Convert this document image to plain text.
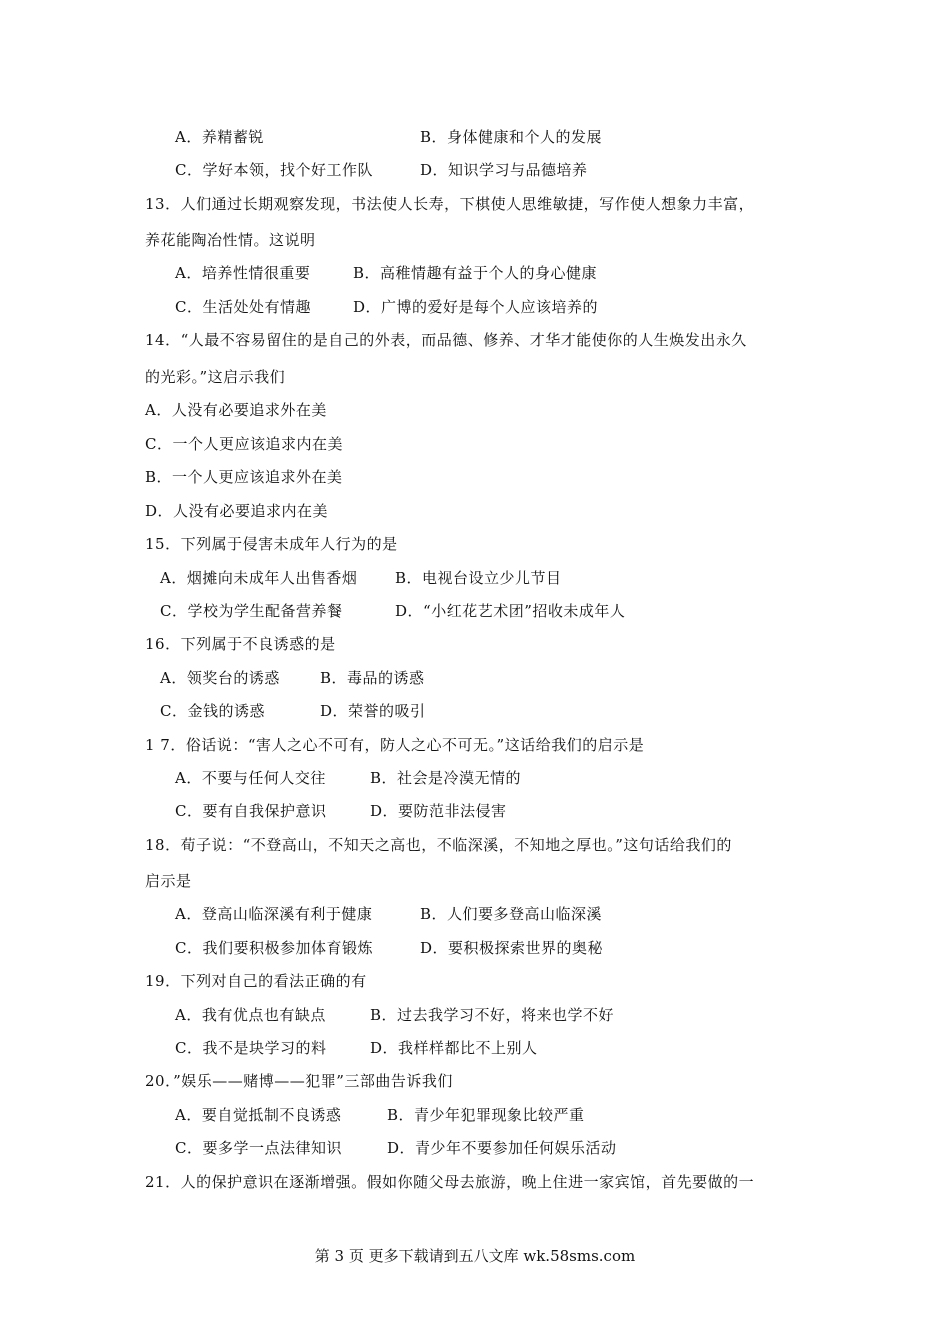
A．养精蓄锐	B．身体健康和个人的发展
C．学好本领，找个好工作队	D．知识学习与品德培养
13．人们通过长期观察发现，书法使人长寿，下棋使人思维敏捷，写作使人想象力丰富，
养花能陶冶性情。这说明
A．培养性情很重要	B．高稚情趣有益于个人的身心健康
C．生活处处有情趣	D．广博的爱好是每个人应该培养的
14．“人最不容易留住的是自己的外表，而品德、修养、才华才能使你的人生焕发出永久
的光彩。”这启示我们
A．人没有必要追求外在美
C．一个人更应该追求内在美
B．一个人更应该追求外在美
D．人没有必要追求内在美
15．下列属于侵害未成年人行为的是
A．烟摊向未成年人出售香烟	B．电视台设立少儿节目
C．学校为学生配备营养餐	D．“小红花艺术团”招收未成年人
16．下列属于不良诱惑的是
A．领奖台的诱惑	B．毒品的诱惑
C．金钱的诱惑	D．荣誉的吸引
1 7．俗话说：“害人之心不可有，防人之心不可无。”这话给我们的启示是
A．不要与任何人交往	B．社会是冷漠无情的
C．要有自我保护意识	D．要防范非法侵害
18．荀子说：“不登高山，不知天之高也，不临深溪，不知地之厚也。”这句话给我们的
启示是
A．登高山临深溪有利于健康	B．人们要多登高山临深溪
C．我们要积极参加体育锻炼	D．要积极探索世界的奥秘
19．下列对自己的看法正确的有
A．我有优点也有缺点	B．过去我学习不好，将来也学不好
C．我不是块学习的料	D．我样样都比不上别人
20．”娱乐——赌博——犯罪”三部曲告诉我们
A．要自觉抵制不良诱惑	B．青少年犯罪现象比较严重
C．要多学一点法律知识	D．青少年不要参加任何娱乐活动
21．人的保护意识在逐渐增强。假如你随父母去旅游，晚上住进一家宾馆，首先要做的一
第 3 页 更多下载请到五八文库 wk.58sms.com
